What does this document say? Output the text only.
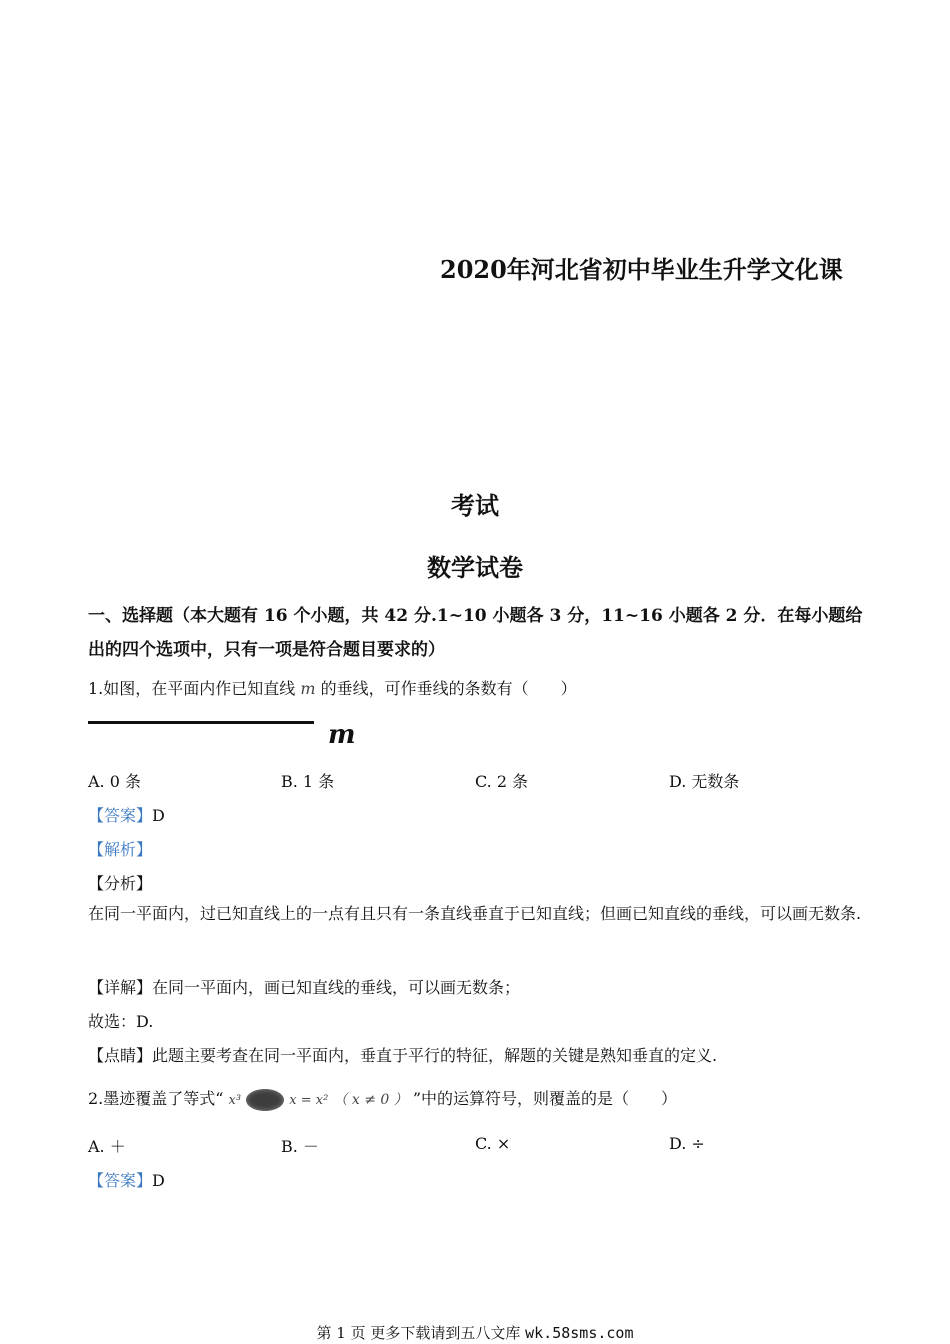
2020年河北省初中毕业生升学文化课
考试
数学试卷
一、选择题（本大题有 16 个小题，共 42 分.1~10 小题各 3 分，11~16 小题各 2 分．在每小题给出的四个选项中，只有一项是符合题目要求的）
1.如图，在平面内作已知直线 m 的垂线，可作垂线的条数有（　　）
m
A. 0 条	B. 1 条	C. 2 条	D. 无数条
【答案】D
【解析】
【分析】
在同一平面内，过已知直线上的一点有且只有一条直线垂直于已知直线；但画已知直线的垂线，可以画无数条.
【详解】在同一平面内，画已知直线的垂线，可以画无数条；
故选：D.
【点睛】此题主要考查在同一平面内，垂直于平行的特征，解题的关键是熟知垂直的定义.
2.墨迹覆盖了等式“ x³	x = x² （ x ≠ 0 ） ”中的运算符号，则覆盖的是（　　）
A. ＋	B. －	C. ×	D. ÷
【答案】D
第 1 页 更多下载请到五八文库 wk.58sms.com
